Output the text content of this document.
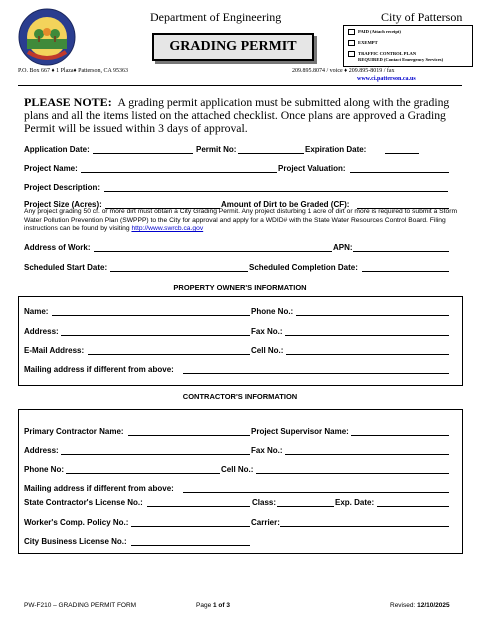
Department of Engineering	City of Patterson
GRADING PERMIT
PAID (Attach receipt)
EXEMPT
TRAFFIC CONTROL PLAN
REQUIRED (Contact Emergency Services)
P.O. Box 667 ♦ 1 Plaza♦ Patterson, CA 95363	209.895.8074 / voice ♦ 209.895-8019 / fax
www.ci.patterson.ca.us
PLEASE NOTE: A grading permit application must be submitted along with the grading plans and all the items listed on the attached checklist. Once plans are approved a Grading Permit will be issued within 3 days of approval.
Application Date:	Permit No:	Expiration Date:
Project Name:	Project Valuation:
Project Description:
Project Size (Acres):	Amount of Dirt to be Graded (CF):
Any project grading 50 cf. or more dirt must obtain a City Grading Permit. Any project disturbing 1 acre of dirt or more is required to submit a Storm Water Pollution Prevention Plan (SWPPP) to the City for approval and apply for a WDID# with the State Water Resources Control Board. Filing instructions can be found by visiting http://www.swrcb.ca.gov
Address of Work:	APN:
Scheduled Start Date:	Scheduled Completion Date:
PROPERTY OWNER'S INFORMATION
Name:	Phone No.:
Address:	Fax No.:
E-Mail Address:	Cell No.:
Mailing address if different from above:
CONTRACTOR'S INFORMATION
Primary Contractor Name:	Project Supervisor Name:
Address:	Fax No.:
Phone No:	Cell No.:
Mailing address if different from above:
State Contractor's License No.:	Class:	Exp. Date:
Worker's Comp. Policy No.:	Carrier:
City Business License No.:
PW-F210 – GRADING PERMIT FORM	Page 1 of 3	Revised: 12/10/2025
